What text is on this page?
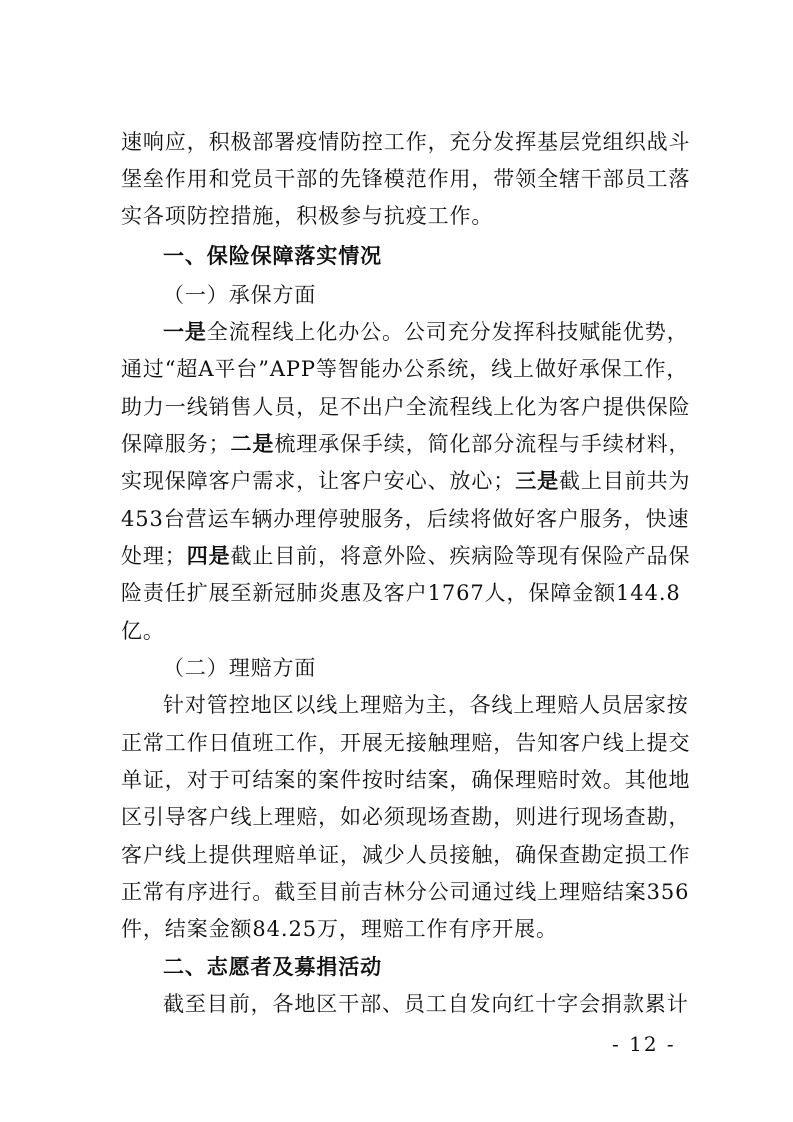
速响应，积极部署疫情防控工作，充分发挥基层党组织战斗
堡垒作用和党员干部的先锋模范作用，带领全辖干部员工落
实各项防控措施，积极参与抗疫工作。
一、保险保障落实情况
（一）承保方面
一是全流程线上化办公。公司充分发挥科技赋能优势，
通过“超A平台”APP等智能办公系统，线上做好承保工作，
助力一线销售人员，足不出户全流程线上化为客户提供保险
保障服务；二是梳理承保手续，简化部分流程与手续材料，
实现保障客户需求，让客户安心、放心；三是截上目前共为
453台营运车辆办理停驶服务，后续将做好客户服务，快速
处理；四是截止目前，将意外险、疾病险等现有保险产品保
险责任扩展至新冠肺炎惠及客户1767人，保障金额144.8
亿。
（二）理赔方面
针对管控地区以线上理赔为主，各线上理赔人员居家按
正常工作日值班工作，开展无接触理赔，告知客户线上提交
单证，对于可结案的案件按时结案，确保理赔时效。其他地
区引导客户线上理赔，如必须现场查勘，则进行现场查勘，
客户线上提供理赔单证，减少人员接触，确保查勘定损工作
正常有序进行。截至目前吉林分公司通过线上理赔结案356
件，结案金额84.25万，理赔工作有序开展。
二、志愿者及募捐活动
截至目前，各地区干部、员工自发向红十字会捐款累计
- 12 -
